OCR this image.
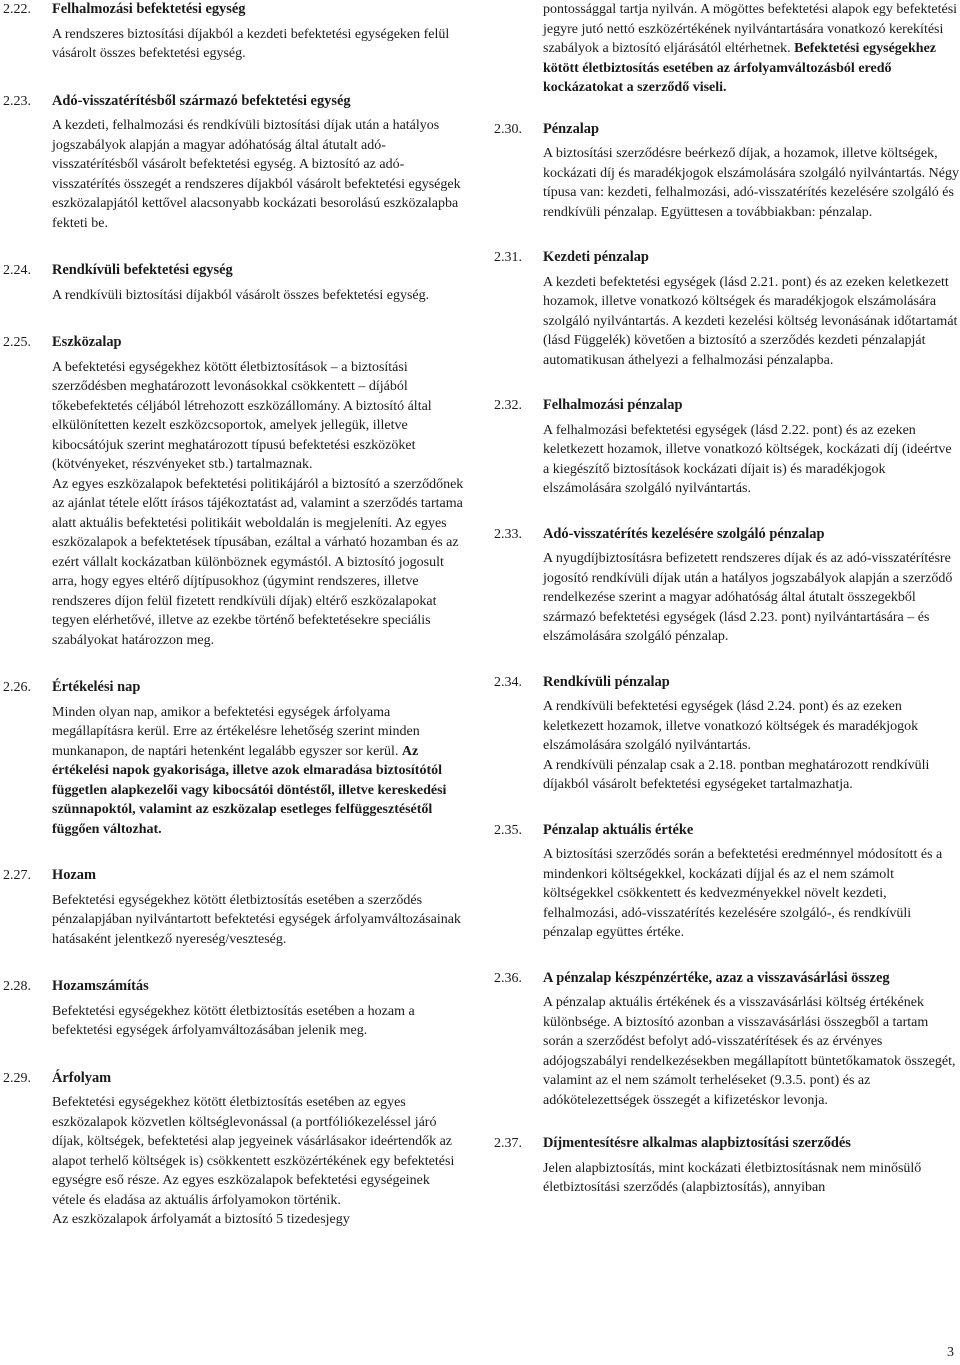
2.22. Felhalmozási befektetési egység

A rendszeres biztosítási díjakból a kezdeti befektetési egységeken felül vásárolt összes befektetési egység.

2.23. Adó-visszatérítésből származó befektetési egység

A kezdeti, felhalmozási és rendkívüli biztosítási díjak után a hatályos jogszabályok alapján a magyar adóhatóság által átutalt adó-visszatérítésből vásárolt befektetési egység. A biztosító az adó-visszatérítés összegét a rendszeres díjakból vásárolt befektetési egységek eszközalapjától kettővel alacsonyabb kockázati besorolású eszközalapba fekteti be.

2.24. Rendkívüli befektetési egység

A rendkívüli biztosítási díjakból vásárolt összes befektetési egység.

2.25. Eszközalap

A befektetési egységekhez kötött életbiztosítások – a biztosítási szerződésben meghatározott levonásokkal csökkentett – díjából tőkebefektetés céljából létrehozott eszközállomány. A biztosító által elkülönítetten kezelt eszközcsoportok, amelyek jellegük, illetve kibocsátójuk szerint meghatározott típusú befektetési eszközöket (kötvényeket, részvényeket stb.) tartalmaznak.

Az egyes eszközalapok befektetési politikájáról a biztosító a szerződőnek az ajánlat tétele előtt írásos tájékoztatást ad, valamint a szerződés tartama alatt aktuális befektetési politikáit weboldalán is megjeleníti. Az egyes eszközalapok a befektetések típusában, ezáltal a várható hozamban és az ezért vállalt kockázatban különböznek egymástól. A biztosító jogosult arra, hogy egyes eltérő díjtípusokhoz (úgymint rendszeres, illetve rendszeres díjon felül fizetett rendkívüli díjak) eltérő eszközalapokat tegyen elérhetővé, illetve az ezekbe történő befektetésekre speciális szabályokat határozzon meg.

2.26. Értékelési nap

Minden olyan nap, amikor a befektetési egységek árfolyama megállapításra kerül. Erre az értékelésre lehetőség szerint minden munkanapon, de naptári hetenként legalább egyszer sor kerül. Az értékelési napok gyakorisága, illetve azok elmaradása biztosítótól független alapkezelői vagy kibocsátói döntéstől, illetve kereskedési szünnapoktól, valamint az eszközalap esetleges felfüggesztésétől függően változhat.

2.27. Hozam

Befektetési egységekhez kötött életbiztosítás esetében a szerződés pénzalapjában nyilvántartott befektetési egységek árfolyamváltozásainak hatásaként jelentkező nyereség/veszteség.

2.28. Hozamszámítás

Befektetési egységekhez kötött életbiztosítás esetében a hozam a befektetési egységek árfolyamváltozásában jelenik meg.

2.29. Árfolyam

Befektetési egységekhez kötött életbiztosítás esetében az egyes eszközalapok közvetlen költséglevonással (a portfóliókezeléssel járó díjak, költségek, befektetési alap jegyeinek vásárlásakor ideértendők az alapot terhelő költségek is) csökkentett eszközértékének egy befektetési egységre eső része. Az egyes eszközalapok befektetési egységeinek vétele és eladása az aktuális árfolyamokon történik.

Az eszközalapok árfolyamát a biztosító 5 tizedesjegy

pontossággal tartja nyilván. A mögöttes befektetési alapok egy befektetési jegyre jutó nettó eszközértékének nyilvántartására vonatkozó kerekítési szabályok a biztosító eljárásától eltérhetnek. Befektetési egységekhez kötött életbiztosítás esetében az árfolyamváltozásból eredő kockázatokat a szerződő viseli.

2.30. Pénzalap

A biztosítási szerződésre beérkező díjak, a hozamok, illetve költségek, kockázati díj és maradékjogok elszámolására szolgáló nyilvántartás. Négy típusa van: kezdeti, felhalmozási, adó-visszatérítés kezelésére szolgáló és rendkívüli pénzalap. Együttesen a továbbiakban: pénzalap.

2.31. Kezdeti pénzalap

A kezdeti befektetési egységek (lásd 2.21. pont) és az ezeken keletkezett hozamok, illetve vonatkozó költségek és maradékjogok elszámolására szolgáló nyilvántartás. A kezdeti kezelési költség levonásának időtartamát (lásd Függelék) követően a biztosító a szerződés kezdeti pénzalapját automatikusan áthelyezi a felhalmozási pénzalapba.

2.32. Felhalmozási pénzalap

A felhalmozási befektetési egységek (lásd 2.22. pont) és az ezeken keletkezett hozamok, illetve vonatkozó költségek, kockázati díj (ideértve a kiegészítő biztosítások kockázati díjait is) és maradékjogok elszámolására szolgáló nyilvántartás.

2.33. Adó-visszatérítés kezelésére szolgáló pénzalap

A nyugdíjbiztosításra befizetett rendszeres díjak és az adó-visszatérítésre jogosító rendkívüli díjak után a hatályos jogszabályok alapján a szerződő rendelkezése szerint a magyar adóhatóság által átutalt összegekből származó befektetési egységek (lásd 2.23. pont) nyilvántartására – és elszámolására szolgáló pénzalap.

2.34. Rendkívüli pénzalap

A rendkívüli befektetési egységek (lásd 2.24. pont) és az ezeken keletkezett hozamok, illetve vonatkozó költségek és maradékjogok elszámolására szolgáló nyilvántartás.

A rendkívüli pénzalap csak a 2.18. pontban meghatározott rendkívüli díjakból vásárolt befektetési egységeket tartalmazhatja.

2.35. Pénzalap aktuális értéke

A biztosítási szerződés során a befektetési eredménnyel módosított és a mindenkori költségekkel, kockázati díjjal és az el nem számolt költségekkel csökkentett és kedvezményekkel növelt kezdeti, felhalmozási, adó-visszatérítés kezelésére szolgáló-, és rendkívüli pénzalap együttes értéke.

2.36. A pénzalap készpénzértéke, azaz a visszavásárlási összeg

A pénzalap aktuális értékének és a visszavásárlási költség értékének különbsége. A biztosító azonban a visszavásárlási összegből a tartam során a szerződést befolyt adó-visszatérítések és az érvényes adójogszabályi rendelkezésekben megállapított büntetőkamatok összegét, valamint az el nem számolt terheléseket (9.3.5. pont) és az adókötelezettségek összegét a kifizetéskor levonja.

2.37. Díjmentesítésre alkalmas alapbiztosítási szerződés

Jelen alapbiztosítás, mint kockázati életbiztosításnak nem minősülő életbiztosítási szerződés (alapbiztosítás), annyiban

3
